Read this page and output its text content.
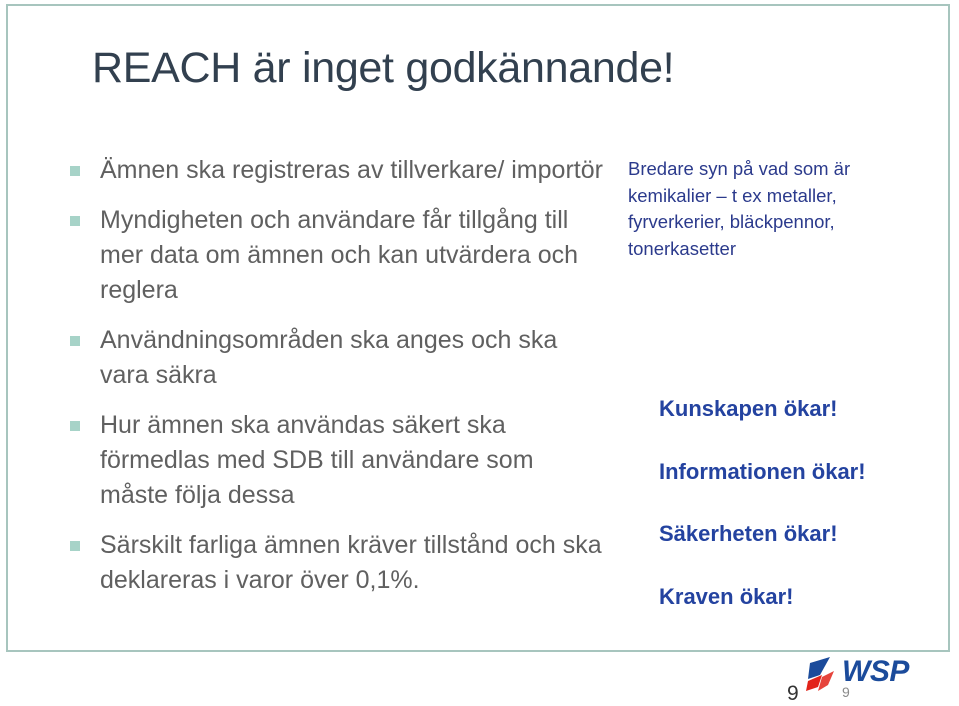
REACH är inget godkännande!
Ämnen ska registreras av tillverkare/ importör
Myndigheten och användare får tillgång till mer data om ämnen och kan utvärdera och reglera
Användningsområden ska anges och ska vara säkra
Hur ämnen ska användas säkert ska förmedlas med SDB till användare som måste följa dessa
Särskilt farliga ämnen kräver tillstånd och ska deklareras i varor över 0,1%.
Bredare syn på vad som är kemikalier – t ex metaller, fyrverkerier, bläckpennor, tonerkasetter
Kunskapen ökar!
Informationen ökar!
Säkerheten ökar!
Kraven ökar!
WSP
9	9
